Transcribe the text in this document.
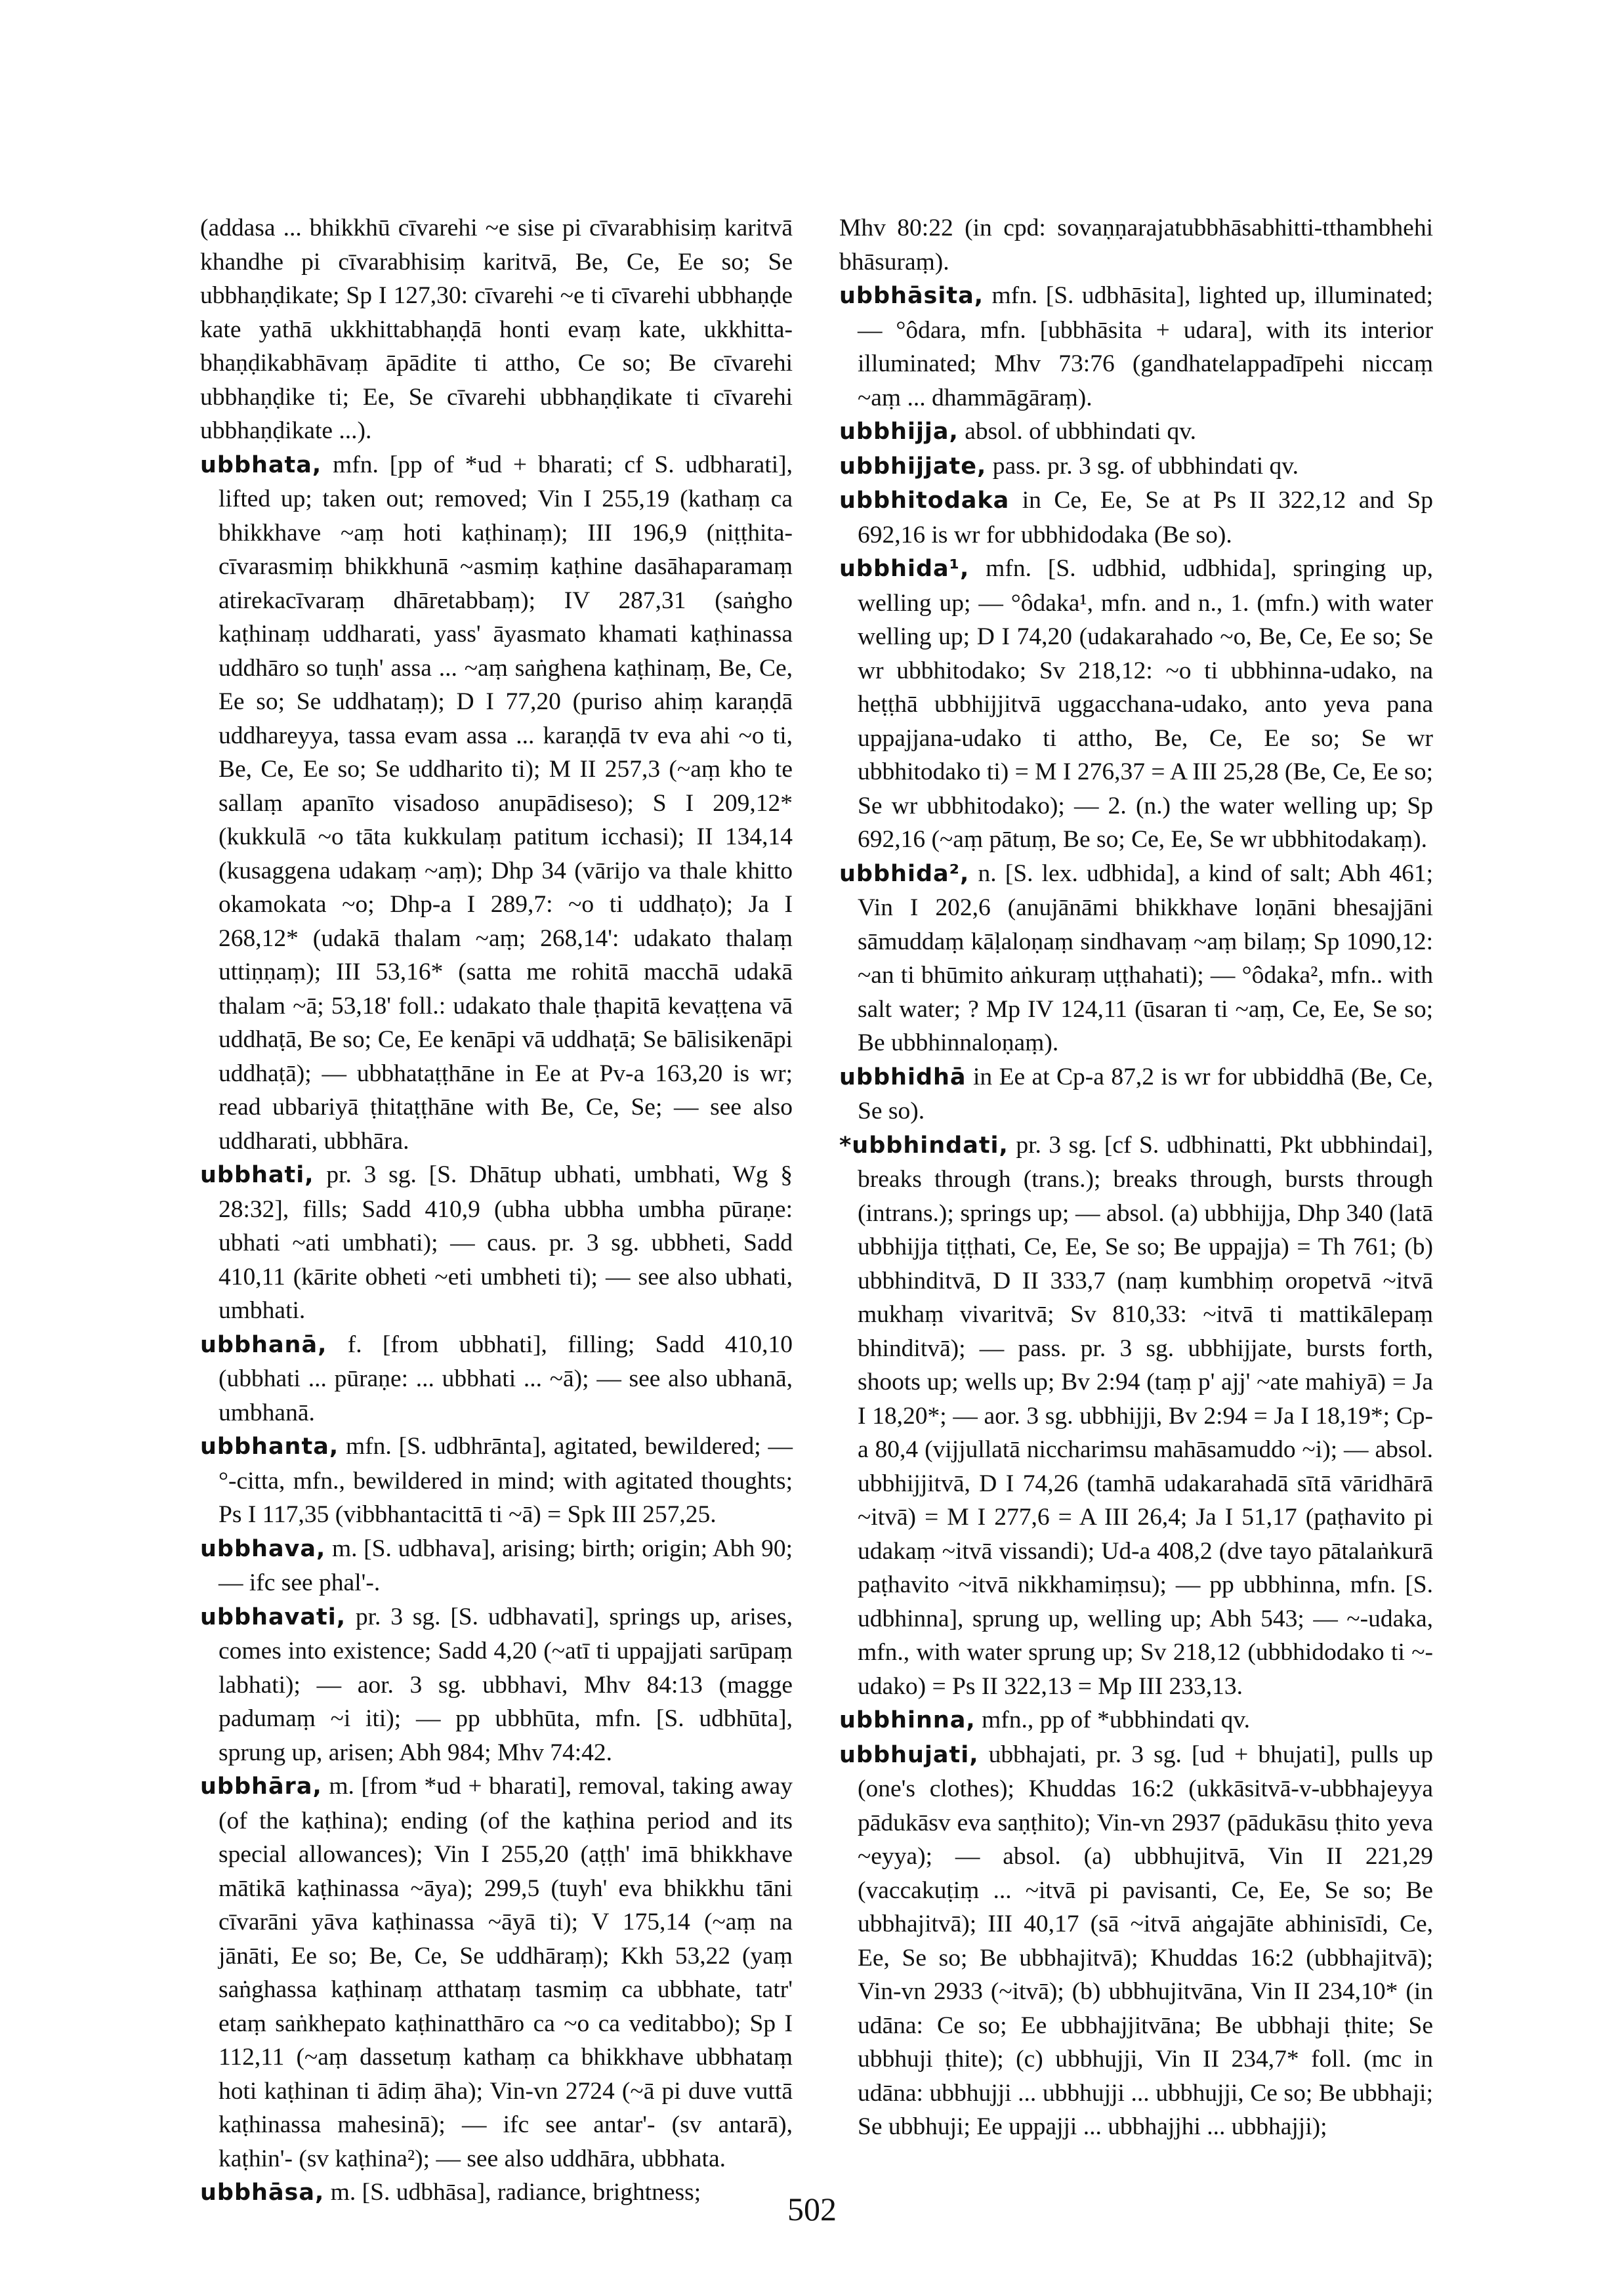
(addasa ... bhikkhū cīvarehi ~e sise pi cīvarabhisiṃ karitvā khandhe pi cīvarabhisiṃ karitvā, Be, Ce, Ee so; Se ubbhaṇḍikate; Sp I 127,30: cīvarehi ~e ti cīvarehi ubbhaṇḍe kate yathā ukkhittabhaṇḍā honti evaṃ kate, ukkhitta-bhaṇḍikabhāvaṃ āpādite ti attho, Ce so; Be cīvarehi ubbhaṇḍike ti; Ee, Se cīvarehi ubbhaṇḍikate ti cīvarehi ubbhaṇḍikate ...).

ubbhata, mfn. [pp of *ud + bharati; cf S. udbharati], lifted up; taken out; removed; Vin I 255,19 (kathaṃ ca bhikkhave ~aṃ hoti kaṭhinaṃ); III 196,9 (niṭṭhita-cīvarasmiṃ bhikkhunā ~asmiṃ kaṭhine dasāhaparamaṃ atirekacīvaraṃ dhāretabbaṃ); IV 287,31 (saṅgho kaṭhinaṃ uddharati, yass' āyasmato khamati kaṭhinassa uddhāro so tuṇh' assa ... ~aṃ saṅghena kaṭhinaṃ, Be, Ce, Ee so; Se uddhataṃ); D I 77,20 (puriso ahiṃ karaṇḍā uddhareyya, tassa evam assa ... karaṇḍā tv eva ahi ~o ti, Be, Ce, Ee so; Se uddharito ti); M II 257,3 (~aṃ kho te sallaṃ apanīto visadoso anupādiseso); S I 209,12* (kukkulā ~o tāta kukkulaṃ patitum icchasi); II 134,14 (kusaggena udakaṃ ~aṃ); Dhp 34 (vārijo va thale khitto okamokata ~o; Dhp-a I 289,7: ~o ti uddhaṭo); Ja I 268,12* (udakā thalam ~aṃ; 268,14': udakato thalaṃ uttiṇṇaṃ); III 53,16* (satta me rohitā macchā udakā thalam ~ā; 53,18' foll.: udakato thale ṭhapitā kevaṭṭena vā uddhaṭā, Be so; Ce, Ee kenāpi vā uddhaṭā; Se bālisikenāpi uddhaṭā); — ubbhataṭṭhāne in Ee at Pv-a 163,20 is wr; read ubbariyā ṭhitaṭṭhāne with Be, Ce, Se; — see also uddharati, ubbhāra.

ubbhati, pr. 3 sg. [S. Dhātup ubhati, umbhati, Wg § 28:32], fills; Sadd 410,9 (ubha ubbha umbha pūraṇe: ubhati ~ati umbhati); — caus. pr. 3 sg. ubbheti, Sadd 410,11 (kārite obheti ~eti umbheti ti); — see also ubhati, umbhati.

ubbhanā, f. [from ubbhati], filling; Sadd 410,10 (ubbhati ... pūraṇe: ... ubbhati ... ~ā); — see also ubhanā, umbhanā.

ubbhanta, mfn. [S. udbhrānta], agitated, bewildered; — °-citta, mfn., bewildered in mind; with agitated thoughts; Ps I 117,35 (vibbhantacittā ti ~ā) = Spk III 257,25.

ubbhava, m. [S. udbhava], arising; birth; origin; Abh 90; — ifc see phal'-.

ubbhavati, pr. 3 sg. [S. udbhavati], springs up, arises, comes into existence; Sadd 4,20 (~atī ti uppajjati sarūpaṃ labhati); — aor. 3 sg. ubbhavi, Mhv 84:13 (magge padumaṃ ~i iti); — pp ubbhūta, mfn. [S. udbhūta], sprung up, arisen; Abh 984; Mhv 74:42.

ubbhāra, m. [from *ud + bharati], removal, taking away (of the kaṭhina); ending (of the kaṭhina period and its special allowances); Vin I 255,20 (aṭṭh' imā bhikkhave mātikā kaṭhinassa ~āya); 299,5 (tuyh' eva bhikkhu tāni cīvarāni yāva kaṭhinassa ~āyā ti); V 175,14 (~aṃ na jānāti, Ee so; Be, Ce, Se uddhāraṃ); Kkh 53,22 (yaṃ saṅghassa kaṭhinaṃ atthataṃ tasmiṃ ca ubbhate, tatr' etaṃ saṅkhepato kaṭhinatthāro ca ~o ca veditabbo); Sp I 112,11 (~aṃ dassetuṃ kathaṃ ca bhikkhave ubbhataṃ hoti kaṭhinan ti ādiṃ āha); Vin-vn 2724 (~ā pi duve vuttā kaṭhinassa mahesinā); — ifc see antar'- (sv antarā), kaṭhin'- (sv kaṭhina²); — see also uddhāra, ubbhata.

ubbhāsa, m. [S. udbhāsa], radiance, brightness;

Mhv 80:22 (in cpd: sovaṇṇarajatubbhāsabhitti-tthambhehi bhāsuraṃ).

ubbhāsita, mfn. [S. udbhāsita], lighted up, illuminated; — °ôdara, mfn. [ubbhāsita + udara], with its interior illuminated; Mhv 73:76 (gandhatelappadīpehi niccaṃ ~aṃ ... dhammāgāraṃ).

ubbhijja, absol. of ubbhindati qv.

ubbhijjate, pass. pr. 3 sg. of ubbhindati qv.

ubbhitodaka in Ce, Ee, Se at Ps II 322,12 and Sp 692,16 is wr for ubbhidodaka (Be so).

ubbhida¹, mfn. [S. udbhid, udbhida], springing up, welling up; — °ôdaka¹, mfn. and n., 1. (mfn.) with water welling up; D I 74,20 (udakarahado ~o, Be, Ce, Ee so; Se wr ubbhitodako; Sv 218,12: ~o ti ubbhinna-udako, na heṭṭhā ubbhijjitvā uggacchana-udako, anto yeva pana uppajjana-udako ti attho, Be, Ce, Ee so; Se wr ubbhitodako ti) = M I 276,37 = A III 25,28 (Be, Ce, Ee so; Se wr ubbhitodako); — 2. (n.) the water welling up; Sp 692,16 (~aṃ pātuṃ, Be so; Ce, Ee, Se wr ubbhitodakaṃ).

ubbhida², n. [S. lex. udbhida], a kind of salt; Abh 461; Vin I 202,6 (anujānāmi bhikkhave loṇāni bhesajjāni sāmuddaṃ kāḷaloṇaṃ sindhavaṃ ~aṃ bilaṃ; Sp 1090,12: ~an ti bhūmito aṅkuraṃ uṭṭhahati); — °ôdaka², mfn.. with salt water; ? Mp IV 124,11 (ūsaran ti ~aṃ, Ce, Ee, Se so; Be ubbhinnaloṇaṃ).

ubbhidhā in Ee at Cp-a 87,2 is wr for ubbiddhā (Be, Ce, Se so).

*ubbhindati, pr. 3 sg. [cf S. udbhinatti, Pkt ubbhindai], breaks through (trans.); breaks through, bursts through (intrans.); springs up; — absol. (a) ubbhijja, Dhp 340 (latā ubbhijja tiṭṭhati, Ce, Ee, Se so; Be uppajja) = Th 761; (b) ubbhinditvā, D II 333,7 (naṃ kumbhiṃ oropetvā ~itvā mukhaṃ vivaritvā; Sv 810,33: ~itvā ti mattikālepaṃ bhinditvā); — pass. pr. 3 sg. ubbhijjate, bursts forth, shoots up; wells up; Bv 2:94 (taṃ p' ajj' ~ate mahiyā) = Ja I 18,20*; — aor. 3 sg. ubbhijji, Bv 2:94 = Ja I 18,19*; Cp-a 80,4 (vijjullatā niccharimsu mahāsamuddo ~i); — absol. ubbhijjitvā, D I 74,26 (tamhā udakarahadā sītā vāridhārā ~itvā) = M I 277,6 = A III 26,4; Ja I 51,17 (paṭhavito pi udakaṃ ~itvā vissandi); Ud-a 408,2 (dve tayo pātalaṅkurā paṭhavito ~itvā nikkhamiṃsu); — pp ubbhinna, mfn. [S. udbhinna], sprung up, welling up; Abh 543; — ~-udaka, mfn., with water sprung up; Sv 218,12 (ubbhidodako ti ~-udako) = Ps II 322,13 = Mp III 233,13.

ubbhinna, mfn., pp of *ubbhindati qv.

ubbhujati, ubbhajati, pr. 3 sg. [ud + bhujati], pulls up (one's clothes); Khuddas 16:2 (ukkāsitvā-v-ubbhajeyya pādukāsv eva saṇṭhito); Vin-vn 2937 (pādukāsu ṭhito yeva ~eyya); — absol. (a) ubbhujitvā, Vin II 221,29 (vaccakuṭiṃ ... ~itvā pi pavisanti, Ce, Ee, Se so; Be ubbhajitvā); III 40,17 (sā ~itvā aṅgajāte abhinisīdi, Ce, Ee, Se so; Be ubbhajitvā); Khuddas 16:2 (ubbhajitvā); Vin-vn 2933 (~itvā); (b) ubbhujitvāna, Vin II 234,10* (in udāna: Ce so; Ee ubbhajjitvāna; Be ubbhaji ṭhite; Se ubbhuji ṭhite); (c) ubbhujji, Vin II 234,7* foll. (mc in udāna: ubbhujji ... ubbhujji ... ubbhujji, Ce so; Be ubbhaji; Se ubbhuji; Ee uppajji ... ubbhajjhi ... ubbhajji);

502
